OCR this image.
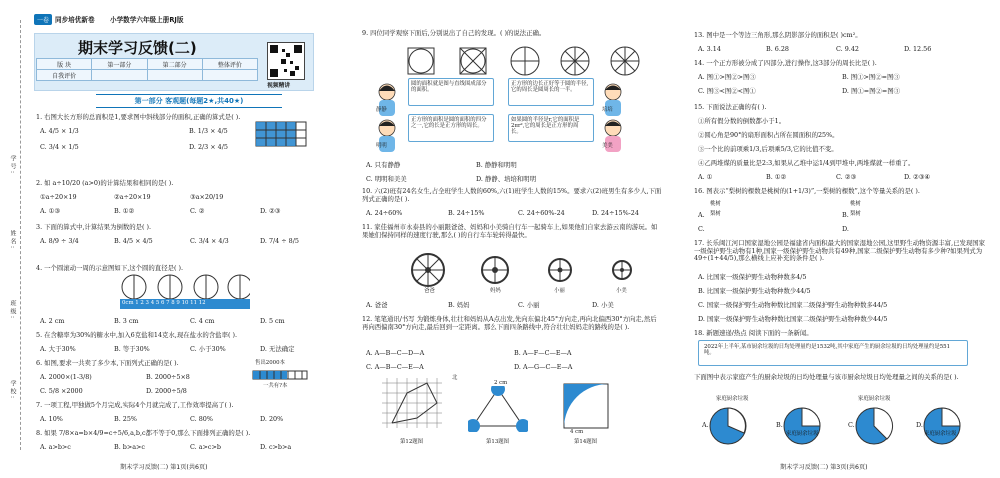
一卷 同步培优新卷 小学数学六年级上册RJ版
期末学习反馈(二)
版 块	第一部分	第二部分	整体评价
自我评价			
视频精讲
第一部分 客观题(每题2★,共40★)
学号:
姓名:
班级:
学校:
1. 右图大长方形的总面积是1,要求图中斜线部分的面积,正确的算式是( ).
A. 4/5 × 1/3	B. 1/3 × 4/5
C. 3/4 × 1/5	D. 2/3 × 4/5
2. 如 a÷10/20 (a>0)的计算结果和相同的是( ).
①a÷20×19	②a÷20×19	③a×20/19
A. ①③	B. ①②	C. ②	D. ②③
3. 下面的算式中,计算结果为倒数的是( ).
A. 8/9 ÷ 3/4	B. 4/5 × 4/5	C. 3/4 × 4/3	D. 7/4 ÷ 8/5
4. 一个圆滚动一周的示意图如下,这个圆的直径是( ).
0cm 1 2 3 4 5 6 7 8 9 10 11 12
A. 2 cm	B. 3 cm	C. 4 cm	D. 5 cm
5. 在含糖率为30%的糖水中,加入6克盐和14克水,现在盐水的含盐率( ).
A. 大于30%	B. 等于30%	C. 小于30%	D. 无法确定
6. 如图,要求一共卖了多少本,下面列式正确的是( ).
A. 2000×(1-3/8)	B. 2000÷5×8
C. 5/8 ×2000	D. 2000÷5/8
售出2000本
一共有?本
7. 一项工程,甲独做5个月完成,实际4个月就完成了,工作效率提高了( ).
A. 10%	B. 25%	C. 80%	D. 20%
8. 如果 7/8×a=b×4/9=c÷5/6,a,b,c都不等于0,那么下面排列正确的是( ).
A. a>b>c	B. b>a>c	C. a>c>b	D. c>b>a
期末学习反馈(二) 第1页(共6页)
9. 四位同学观察下面后,分别说出了自己的发现。( )的说法正确。
圆的面积就是图与直线围成部分的面积。
正方形的边长正好等于圆的半径,它的周长是圆周长的一半。
正方形的面积是圆的面积的四分之一,它的长是正方形的周长。
如果圆的半径是r,它的面积是2πr²,它的周长是正方形的周长。
静静
明明
培培
美美
A. 只有静静	B. 静静和明明
C. 明明和美美	D. 静静、培培和明明
10. 六(2)班有24名女生,占全班学生人数的60%,六(1)班学生人数的15%。要求六(2)班男生有多少人,下面列式正确的是( ).
A. 24÷60%	B. 24÷15%	C. 24÷60%-24	D. 24÷15%-24
11. 家佳福州市永泰县的小丽跟爸爸、妈妈和小美骑自行车一起骑车上,如果他们自家去游云南的游玩。如果她们保持同样的速度行驶,那么( )的自行车车轮转得最快。
爸爸	妈妈	小丽	小美
A. 爸爸	B. 妈妈	C. 小丽	D. 小美
12. 笔笔通讯/书写 为锻炼身体,壮壮和妈妈从A点出发,先向东偏北45°方向走,再向北偏西30°方向走,然后再向西偏南30°方向走,最后回到一定距离。那么下面四条路线中,符合壮壮妈妈走的路线的是( ).
A. A—B—C—D—A	B. A—F—C—E—A
C. A—B—C—E—A	D. A—G—C—E—A
北
2 cm
4 cm
第12题图	第13题图	第14题图
13. 图中是一个等边三角形,那么阴影部分的面积是( )cm²。
A. 3.14	B. 6.28	C. 9.42	D. 12.56
14. 一个正方形被分成了四部分,进行操作,这3部分的周长比是( ).
A. 图①>图②>图③	B. 图①>图②=图③
C. 图③<图②<图①	D. 图①=图②=图③
15. 下面说法正确的有( ).
①所有假分数的倒数都小于1。
②圆心角是90°的扇形面积占所在圆面积的25%。
③一个比的前项乘1/3,后项乘5/3,它的比值不变。
④乙两堆煤的质量比是2:3,如果从乙堆中运1/4到甲堆中,两堆煤就一样重了。
A. ①	B. ①②	C. ②③	D. ②③④
16. 图表示“梨树的棵数是桃树的(1+1/3)”,一梨树的棵数”,这个等量关系的是( ).
桃树
梨树
桃树
梨树
A.	B.
C.	D.
17. 长乐闽江河口国家湿地公园是福建省内面积最大的国家湿地公园,这里野生动物资源丰富,已发现国家一级保护野生动物有1种,国家一级保护野生动物共有49种,国家二级保护野生动物有多少种?如果列式为49÷(1+44/5),那么横线上应补充的条件是( ).
A. 比国家一级保护野生动物种数多4/5
B. 比国家一级保护野生动物种数少44/5
C. 国家一级保护野生动物种数比国家二级保护野生动物种数多44/5
D. 国家一级保护野生动物种数比国家二级保护野生动物种数少44/5
18. 新题速递/热点 阅读下面的一条新闻。
2022年上半年,某市厨余垃圾的日均处理量约是1532吨,其中家庭产生的厨余垃圾的日均处理量约是551吨。
下面图中表示家庭产生的厨余垃圾的日均处理量与该市厨余垃圾日均处理量之间的关系的是( ).
家庭厨余垃圾	家庭厨余垃圾
A.	B.	C.	D.
家庭厨余垃圾	家庭厨余垃圾
期末学习反馈(二) 第3页(共6页)
